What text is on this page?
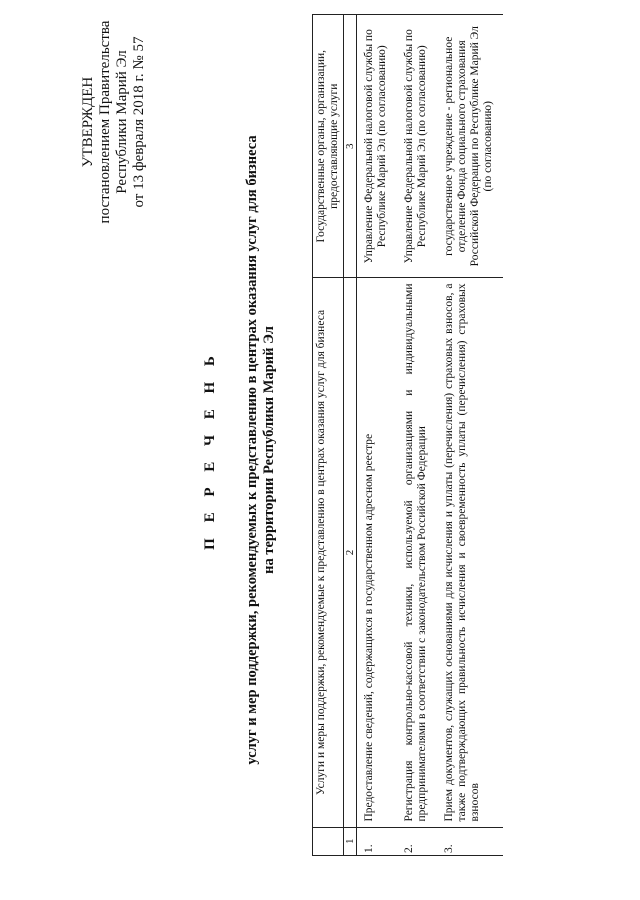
УТВЕРЖДЕН постановлением Правительства Республики Марий Эл от 13 февраля 2018 г. № 57
П Е Р Е Ч Е Н Ь услуг и мер поддержки, рекомендуемых к представлению в центрах оказания услуг для бизнеса на территории Республики Марий Эл
		Услуги и меры поддержки, рекомендуемые к представлению в центрах оказания услуг для бизнеса	Государственные органы, организации, предоставляющие услуги
1	2	3
1.	Предоставление сведений, содержащихся в государственном адресном реестре	Управление Федеральной налоговой службы по Республике Марий Эл (по согласованию)
2.	Регистрация контрольно-кассовой техники, используемой организациями и индивидуальными предпринимателями в соответствии с законодательством Российской Федерации	Управление Федеральной налоговой службы по Республике Марий Эл (по согласованию)
3.	Прием документов, служащих основаниями для исчисления и уплаты (перечисления) страховых взносов, а также подтверждающих правильность исчисления и своевременность уплаты (перечисления) страховых взносов	государственное учреждение - региональное отделение Фонда социального страхования Российской Федерации по Республике Марий Эл (по согласованию)
